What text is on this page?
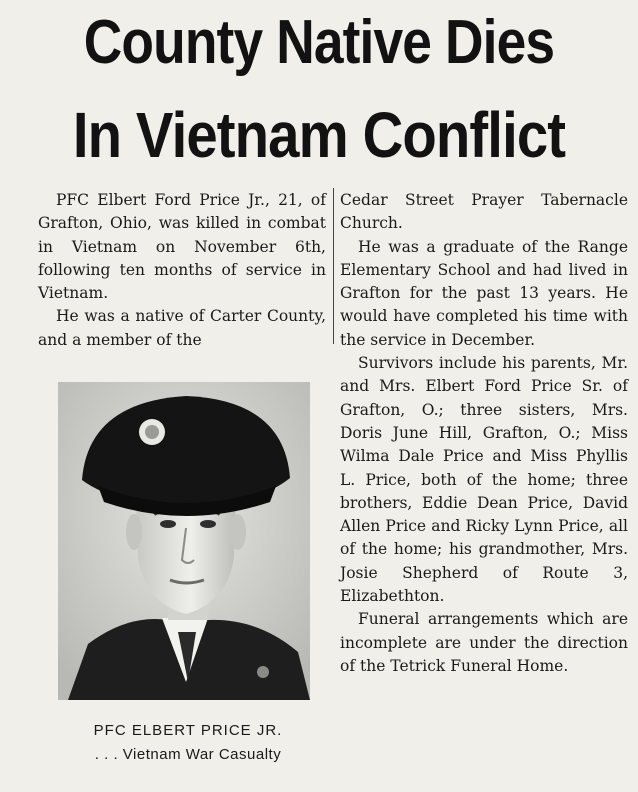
County Native Dies
In Vietnam Conflict

PFC Elbert Ford Price Jr., 21, of Grafton, Ohio, was killed in combat in Vietnam on November 6th, following ten months of service in Vietnam.

He was a native of Carter County, and a member of the

Cedar Street Prayer Tabernacle Church.

He was a graduate of the Range Elementary School and had lived in Grafton for the past 13 years. He would have completed his time with the service in December.

Survivors include his parents, Mr. and Mrs. Elbert Ford Price Sr. of Grafton, O.; three sisters, Mrs. Doris June Hill, Grafton, O.; Miss Wilma Dale Price and Miss Phyllis L. Price, both of the home; three brothers, Eddie Dean Price, David Allen Price and Ricky Lynn Price, all of the home; his grandmother, Mrs. Josie Shepherd of Route 3, Elizabethton.

Funeral arrangements which are incomplete are under the direction of the Tetrick Funeral Home.

PFC ELBERT PRICE JR.
. . . Vietnam War Casualty
